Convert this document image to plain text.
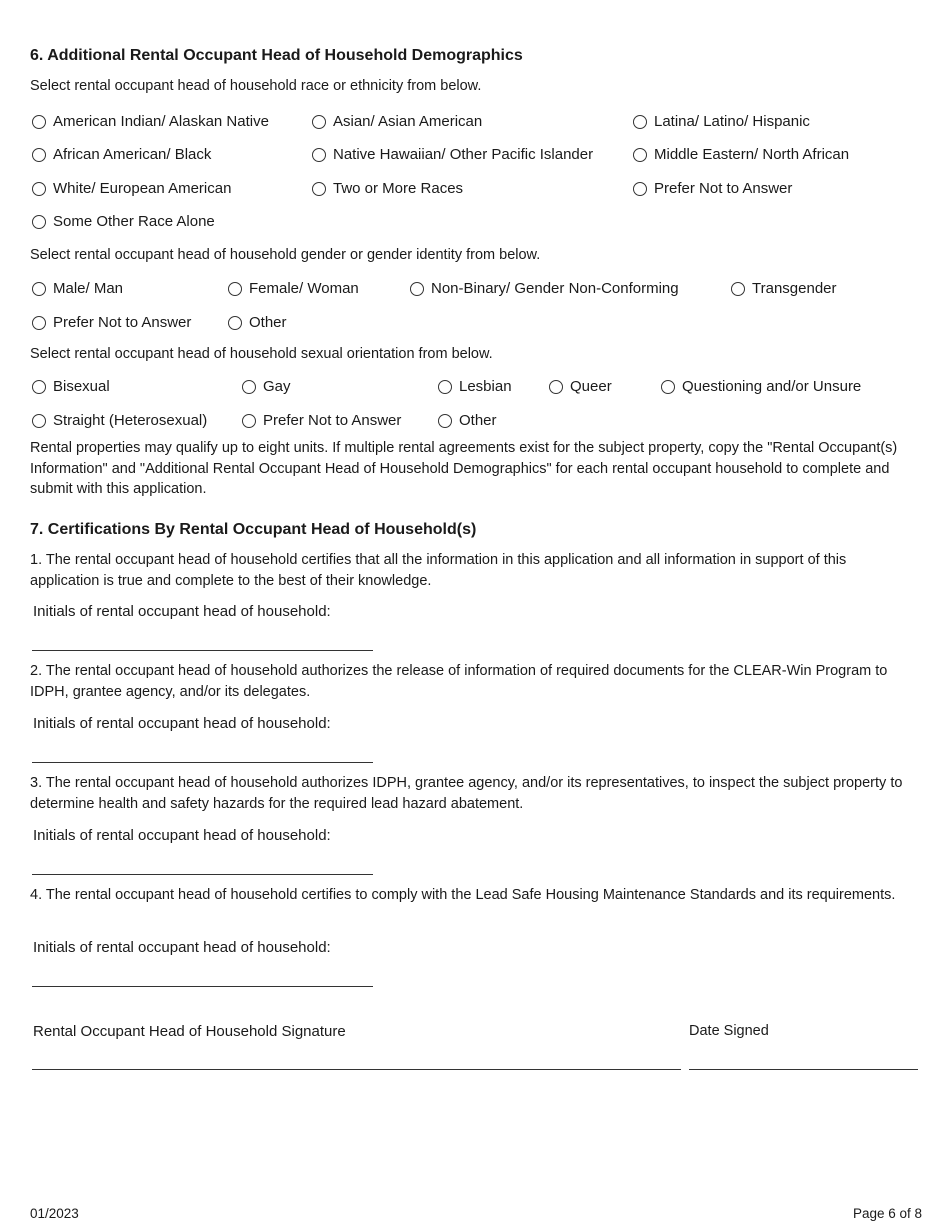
6. Additional Rental Occupant Head of Household Demographics
Select rental occupant head of household race or ethnicity from below.
American Indian/ Alaskan Native	Asian/ Asian American	Latina/ Latino/ Hispanic
African American/ Black	Native Hawaiian/ Other Pacific Islander	Middle Eastern/ North African
White/ European American	Two or More Races	Prefer Not to Answer
Some Other Race Alone
Select rental occupant head of household gender or gender identity from below.
Male/ Man	Female/ Woman	Non-Binary/ Gender Non-Conforming	Transgender
Prefer Not to Answer	Other
Select rental occupant head of household sexual orientation from below.
Bisexual	Gay	Lesbian	Queer	Questioning and/or Unsure
Straight (Heterosexual)	Prefer Not to Answer	Other
Rental properties may qualify up to eight units. If multiple rental agreements exist for the subject property, copy the "Rental Occupant(s) Information" and "Additional Rental Occupant Head of Household Demographics" for each rental occupant household to complete and submit with this application.
7. Certifications By Rental Occupant Head of Household(s)
1. The rental occupant head of household certifies that all the information in this application and all information in support of this application is true and complete to the best of their knowledge.
Initials of rental occupant head of household:
2. The rental occupant head of household authorizes the release of information of required documents for the CLEAR-Win Program to IDPH, grantee agency, and/or its delegates.
Initials of rental occupant head of household:
3. The rental occupant head of household authorizes IDPH, grantee agency, and/or its representatives, to inspect the subject property to determine health and safety hazards for the required lead hazard abatement.
Initials of rental occupant head of household:
4. The rental occupant head of household certifies to comply with the Lead Safe Housing Maintenance Standards and its requirements.
Initials of rental occupant head of household:
Rental Occupant Head of Household Signature	Date Signed
01/2023	Page 6 of 8
